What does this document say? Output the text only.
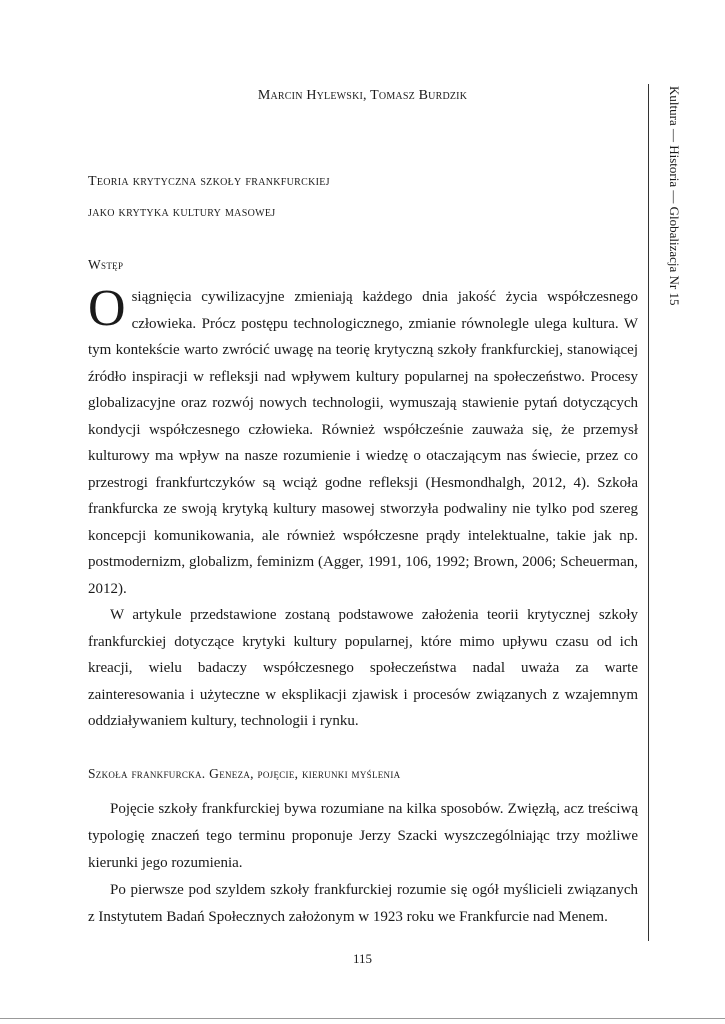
Marcin Hylewski, Tomasz Burdzik
Teoria krytyczna szkoły frankfurckiej
jako krytyka kultury masowej
Wstęp

Osiągnięcia cywilizacyjne zmieniają każdego dnia jakość życia współczesnego człowieka. Prócz postępu technologicznego, zmianie równolegle ulega kultura. W tym kontekście warto zwrócić uwagę na teorię krytyczną szkoły frankfurckiej, stanowiącej źródło inspiracji w refleksji nad wpływem kultury popularnej na społeczeństwo. Procesy globalizacyjne oraz rozwój nowych technologii, wymuszają stawienie pytań dotyczących kondycji współczesnego człowieka. Również współcześnie zauważa się, że przemysł kulturowy ma wpływ na nasze rozumienie i wiedzę o otaczającym nas świecie, przez co przestrogi frankfurtczyków są wciąż godne refleksji (Hesmondhalgh, 2012, 4). Szkoła frankfurcka ze swoją krytyką kultury masowej stworzyła podwaliny nie tylko pod szereg koncepcji komunikowania, ale również współczesne prądy intelektualne, takie jak np. postmodernizm, globalizm, feminizm (Agger, 1991, 106, 1992; Brown, 2006; Scheuerman, 2012).

W artykule przedstawione zostaną podstawowe założenia teorii krytycznej szkoły frankfurckiej dotyczące krytyki kultury popularnej, które mimo upływu czasu od ich kreacji, wielu badaczy współczesnego społeczeństwa nadal uważa za warte zainteresowania i użyteczne w eksplikacji zjawisk i procesów związanych z wzajemnym oddziaływaniem kultury, technologii i rynku.

Szkoła frankfurcka. Geneza, pojęcie, kierunki myślenia

Pojęcie szkoły frankfurckiej bywa rozumiane na kilka sposobów. Zwięzłą, acz treściwą typologię znaczeń tego terminu proponuje Jerzy Szacki wyszczególniając trzy możliwe kierunki jego rozumienia.

Po pierwsze pod szyldem szkoły frankfurckiej rozumie się ogół myślicieli związanych z Instytutem Badań Społecznych założonym w 1923 roku we Frankfurcie nad Menem.

Kultura — Historia — Globalizacja Nr 15
115
